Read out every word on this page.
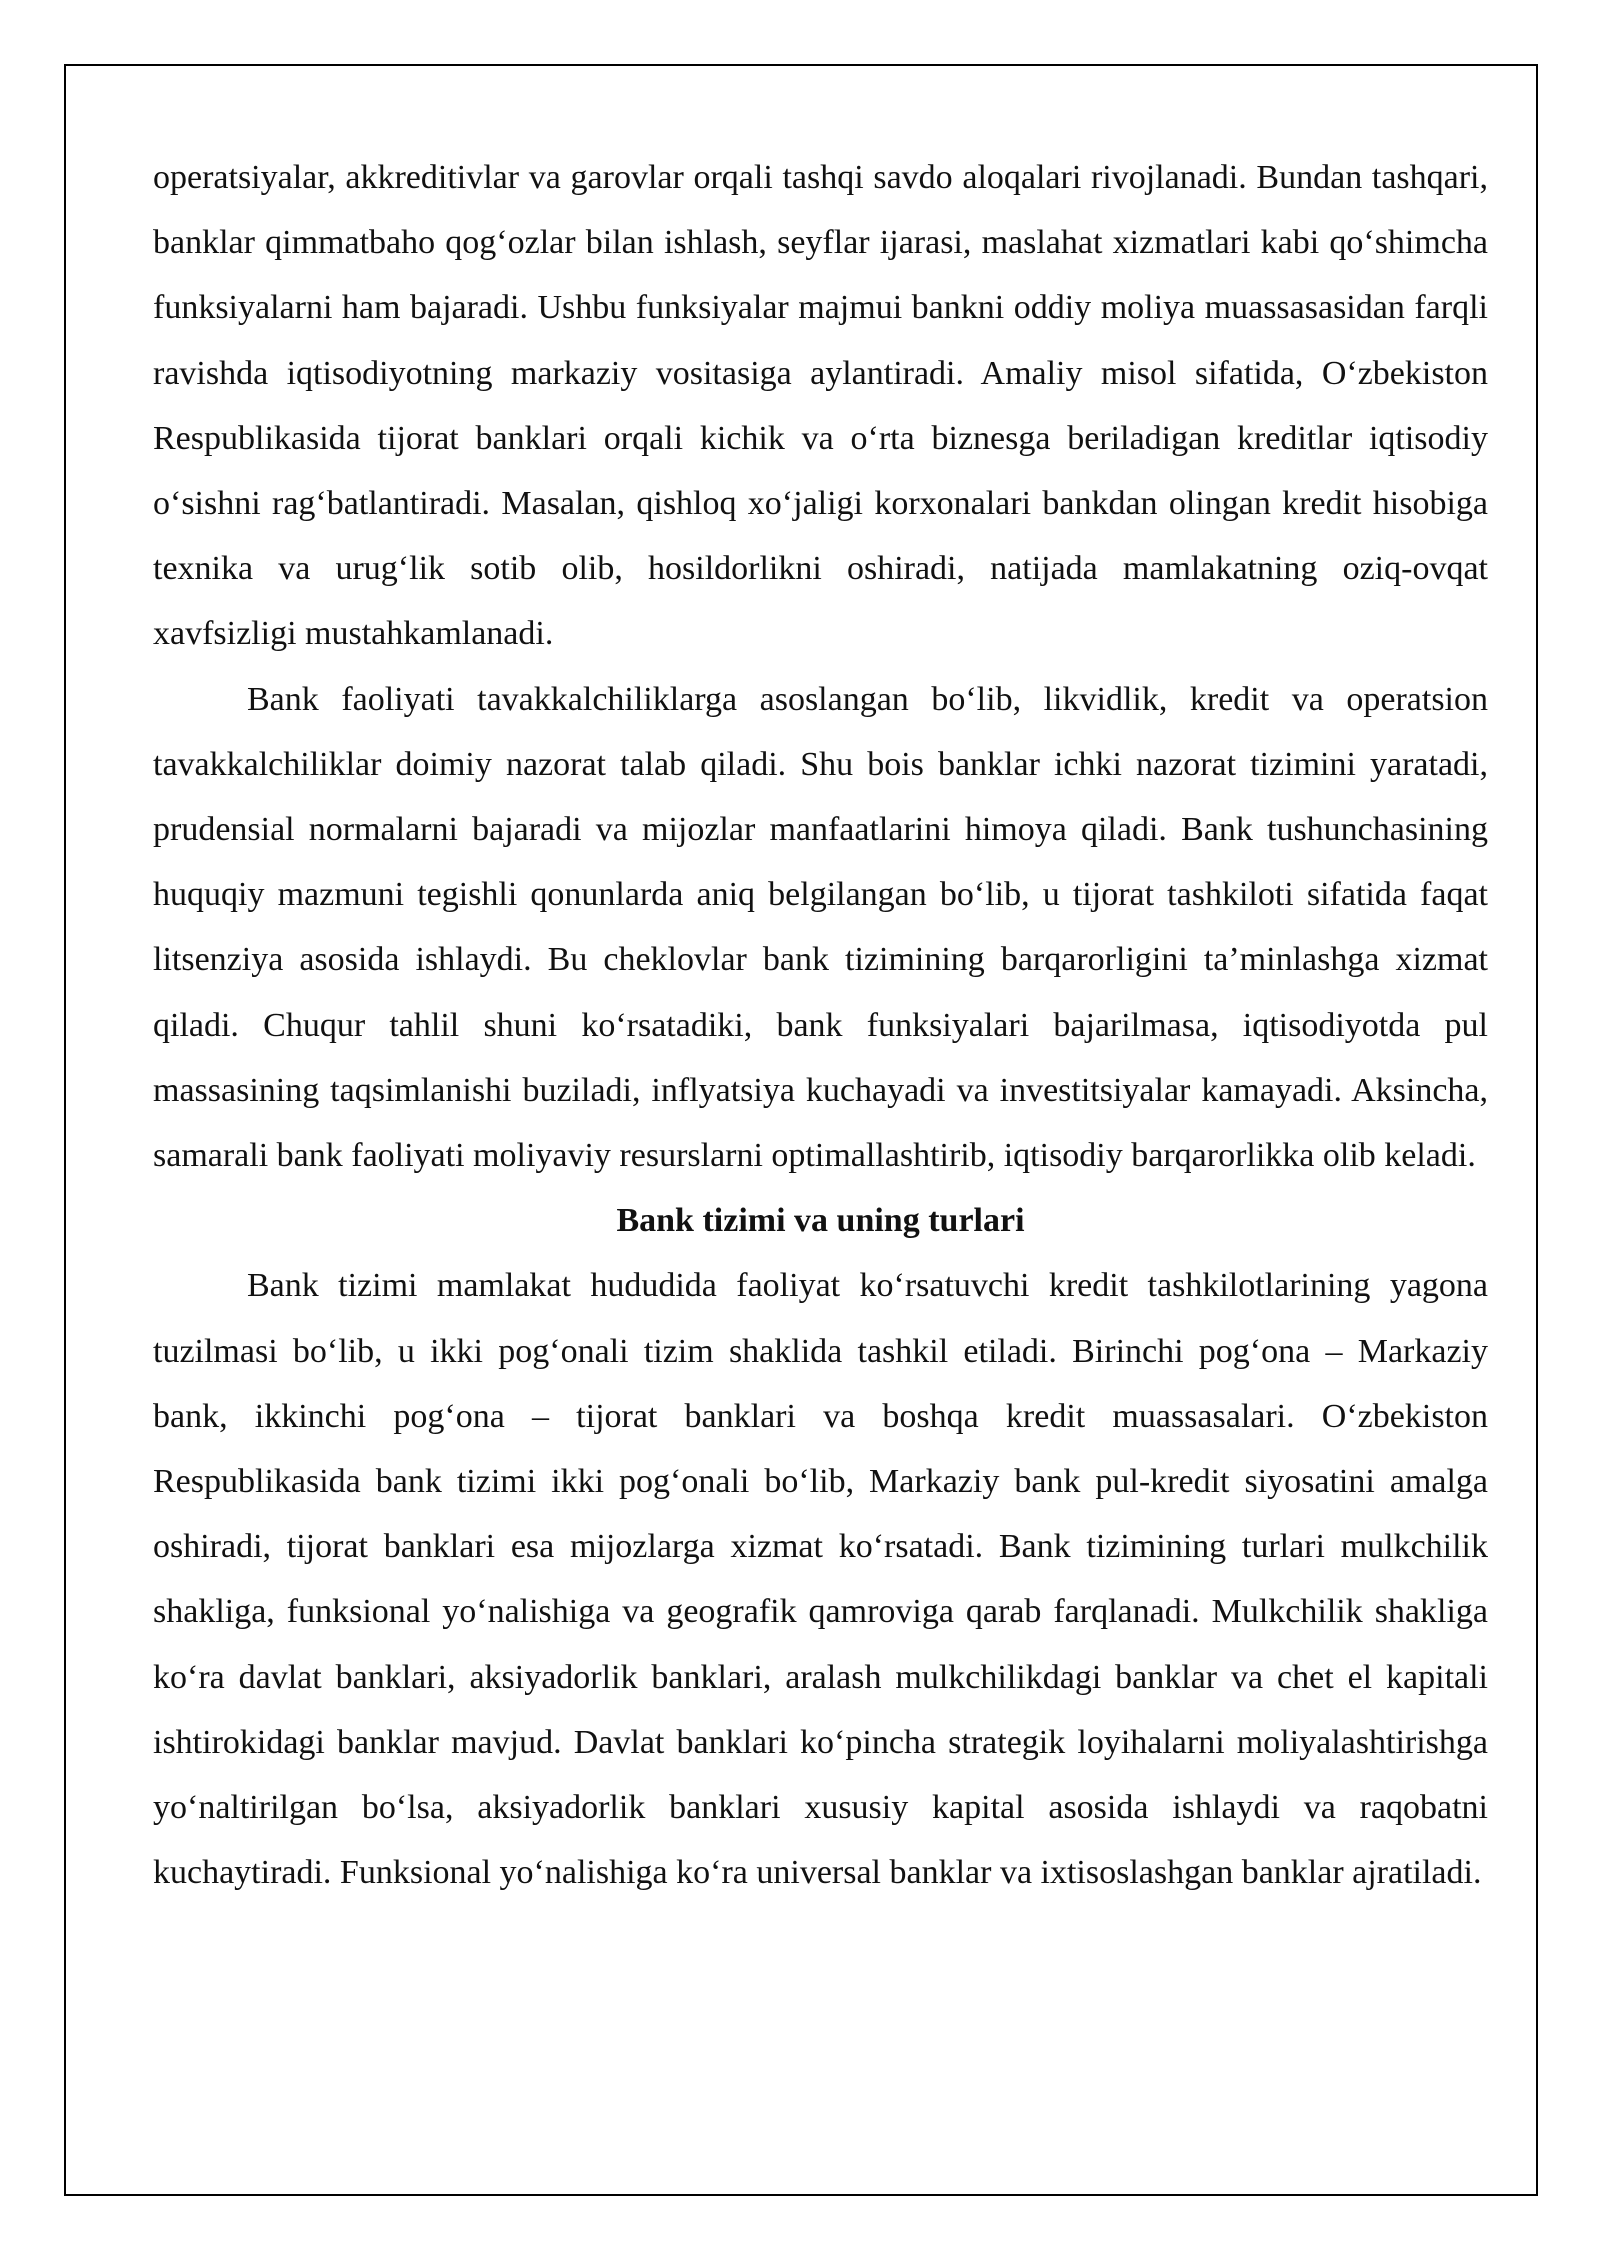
operatsiyalar, akkreditivlar va garovlar orqali tashqi savdo aloqalari rivojlanadi. Bundan tashqari, banklar qimmatbaho qog‘ozlar bilan ishlash, seyflar ijarasi, maslahat xizmatlari kabi qo‘shimcha funksiyalarni ham bajaradi. Ushbu funksiyalar majmui bankni oddiy moliya muassasasidan farqli ravishda iqtisodiyotning markaziy vositasiga aylantiradi. Amaliy misol sifatida, O‘zbekiston Respublikasida tijorat banklari orqali kichik va o‘rta biznesga beriladigan kreditlar iqtisodiy o‘sishni rag‘batlantiradi. Masalan, qishloq xo‘jaligi korxonalari bankdan olingan kredit hisobiga texnika va urug‘lik sotib olib, hosildorlikni oshiradi, natijada mamlakatning oziq-ovqat xavfsizligi mustahkamlanadi.

Bank faoliyati tavakkalchiliklarga asoslangan bo‘lib, likvidlik, kredit va operatsion tavakkalchiliklar doimiy nazorat talab qiladi. Shu bois banklar ichki nazorat tizimini yaratadi, prudensial normalarni bajaradi va mijozlar manfaatlarini himoya qiladi. Bank tushunchasining huquqiy mazmuni tegishli qonunlarda aniq belgilangan bo‘lib, u tijorat tashkiloti sifatida faqat litsenziya asosida ishlaydi. Bu cheklovlar bank tizimining barqarorligini ta’minlashga xizmat qiladi. Chuqur tahlil shuni ko‘rsatadiki, bank funksiyalari bajarilmasa, iqtisodiyotda pul massasining taqsimlanishi buziladi, inflyatsiya kuchayadi va investitsiyalar kamayadi. Aksincha, samarali bank faoliyati moliyaviy resurslarni optimallashtirib, iqtisodiy barqarorlikka olib keladi.

Bank tizimi va uning turlari

Bank tizimi mamlakat hududida faoliyat ko‘rsatuvchi kredit tashkilotlarining yagona tuzilmasi bo‘lib, u ikki pog‘onali tizim shaklida tashkil etiladi. Birinchi pog‘ona – Markaziy bank, ikkinchi pog‘ona – tijorat banklari va boshqa kredit muassasalari. O‘zbekiston Respublikasida bank tizimi ikki pog‘onali bo‘lib, Markaziy bank pul-kredit siyosatini amalga oshiradi, tijorat banklari esa mijozlarga xizmat ko‘rsatadi. Bank tizimining turlari mulkchilik shakliga, funksional yo‘nalishiga va geografik qamroviga qarab farqlanadi. Mulkchilik shakliga ko‘ra davlat banklari, aksiyadorlik banklari, aralash mulkchilikdagi banklar va chet el kapitali ishtirokidagi banklar mavjud. Davlat banklari ko‘pincha strategik loyihalarni moliyalashtirishga yo‘naltirilgan bo‘lsa, aksiyadorlik banklari xususiy kapital asosida ishlaydi va raqobatni kuchaytiradi. Funksional yo‘nalishiga ko‘ra universal banklar va ixtisoslashgan banklar ajratiladi.
